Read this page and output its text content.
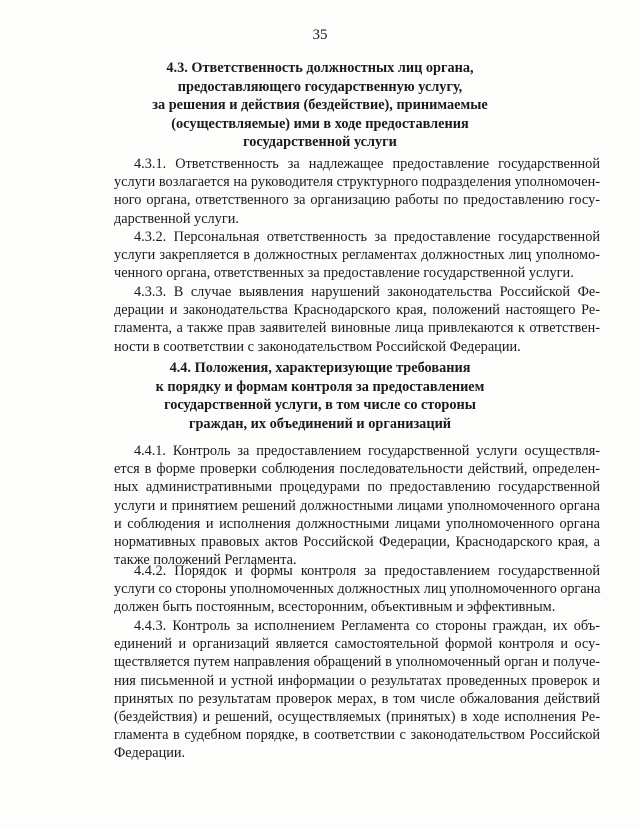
35
4.3. Ответственность должностных лиц органа,
предоставляющего государственную услугу,
за решения и действия (бездействие), принимаемые
(осуществляемые) ими в ходе предоставления
государственной услуги

4.3.1. Ответственность за надлежащее предоставление государственной
услуги возлагается на руководителя структурного подразделения уполномочен-
ного органа, ответственного за организацию работы по предоставлению госу-
дарственной услуги.

4.3.2. Персональная ответственность за предоставление государственной
услуги закрепляется в должностных регламентах должностных лиц уполномо-
ченного органа, ответственных за предоставление государственной услуги.

4.3.3. В случае выявления нарушений законодательства Российской Фе-
дерации и законодательства Краснодарского края, положений настоящего Ре-
гламента, а также прав заявителей виновные лица привлекаются к ответствен-
ности в соответствии с законодательством Российской Федерации.

4.4. Положения, характеризующие требования
к порядку и формам контроля за предоставлением
государственной услуги, в том числе со стороны
граждан, их объединений и организаций

4.4.1. Контроль за предоставлением государственной услуги осуществля-
ется в форме проверки соблюдения последовательности действий, определен-
ных административными процедурами по предоставлению государственной
услуги и принятием решений должностными лицами уполномоченного органа
и соблюдения и исполнения должностными лицами уполномоченного органа
нормативных правовых актов Российской Федерации, Краснодарского края, а
также положений Регламента.

4.4.2. Порядок и формы контроля за предоставлением государственной
услуги со стороны уполномоченных должностных лиц уполномоченного органа
должен быть постоянным, всесторонним, объективным и эффективным.

4.4.3. Контроль за исполнением Регламента со стороны граждан, их объ-
единений и организаций является самостоятельной формой контроля и осу-
ществляется путем направления обращений в уполномоченный орган и получе-
ния письменной и устной информации о результатах проведенных проверок и
принятых по результатам проверок мерах, в том числе обжалования действий
(бездействия) и решений, осуществляемых (принятых) в ходе исполнения Ре-
гламента в судебном порядке, в соответствии с законодательством Российской
Федерации.
